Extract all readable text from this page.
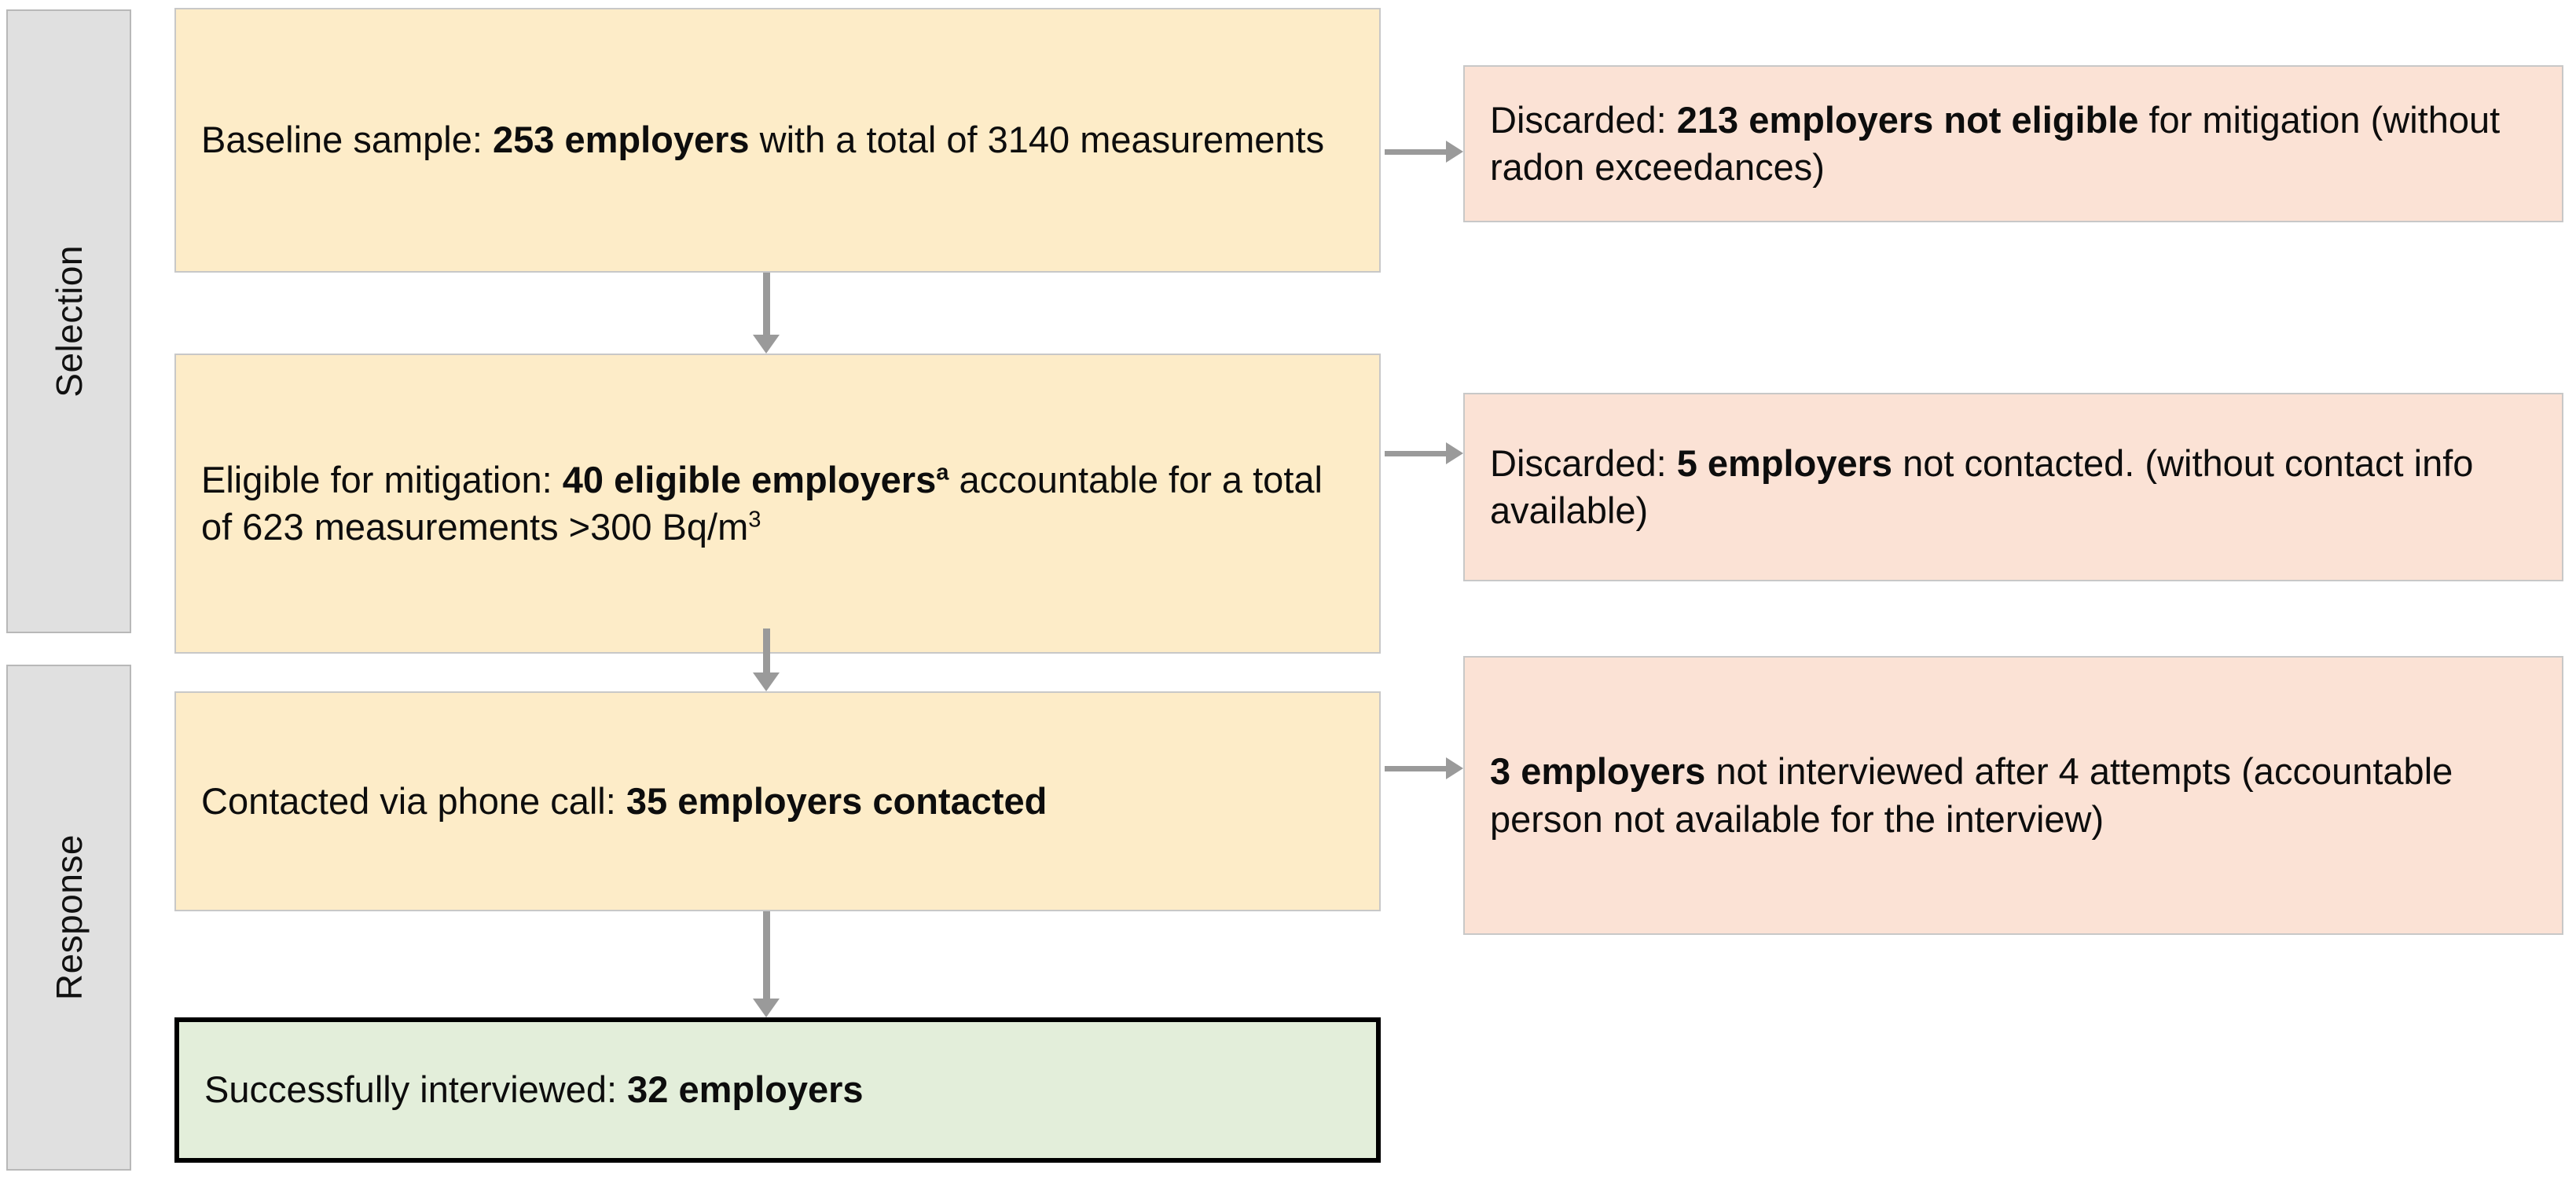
Selection
Response
Baseline sample: 253 employers with a total of 3140 measurements
Eligible for mitigation: 40 eligible employers$^a$ accountable for a total of 623 measurements >300 $Bq/m^3$
Contacted via phone call: 35 employers contacted
Successfully interviewed: 32 employers
Discarded: 213 employers not eligible for mitigation (without radon exceedances)
Discarded: 5 employers not contacted. (without contact info available)
3 employers not interviewed after 4 attempts (accountable person not available for the interview)
